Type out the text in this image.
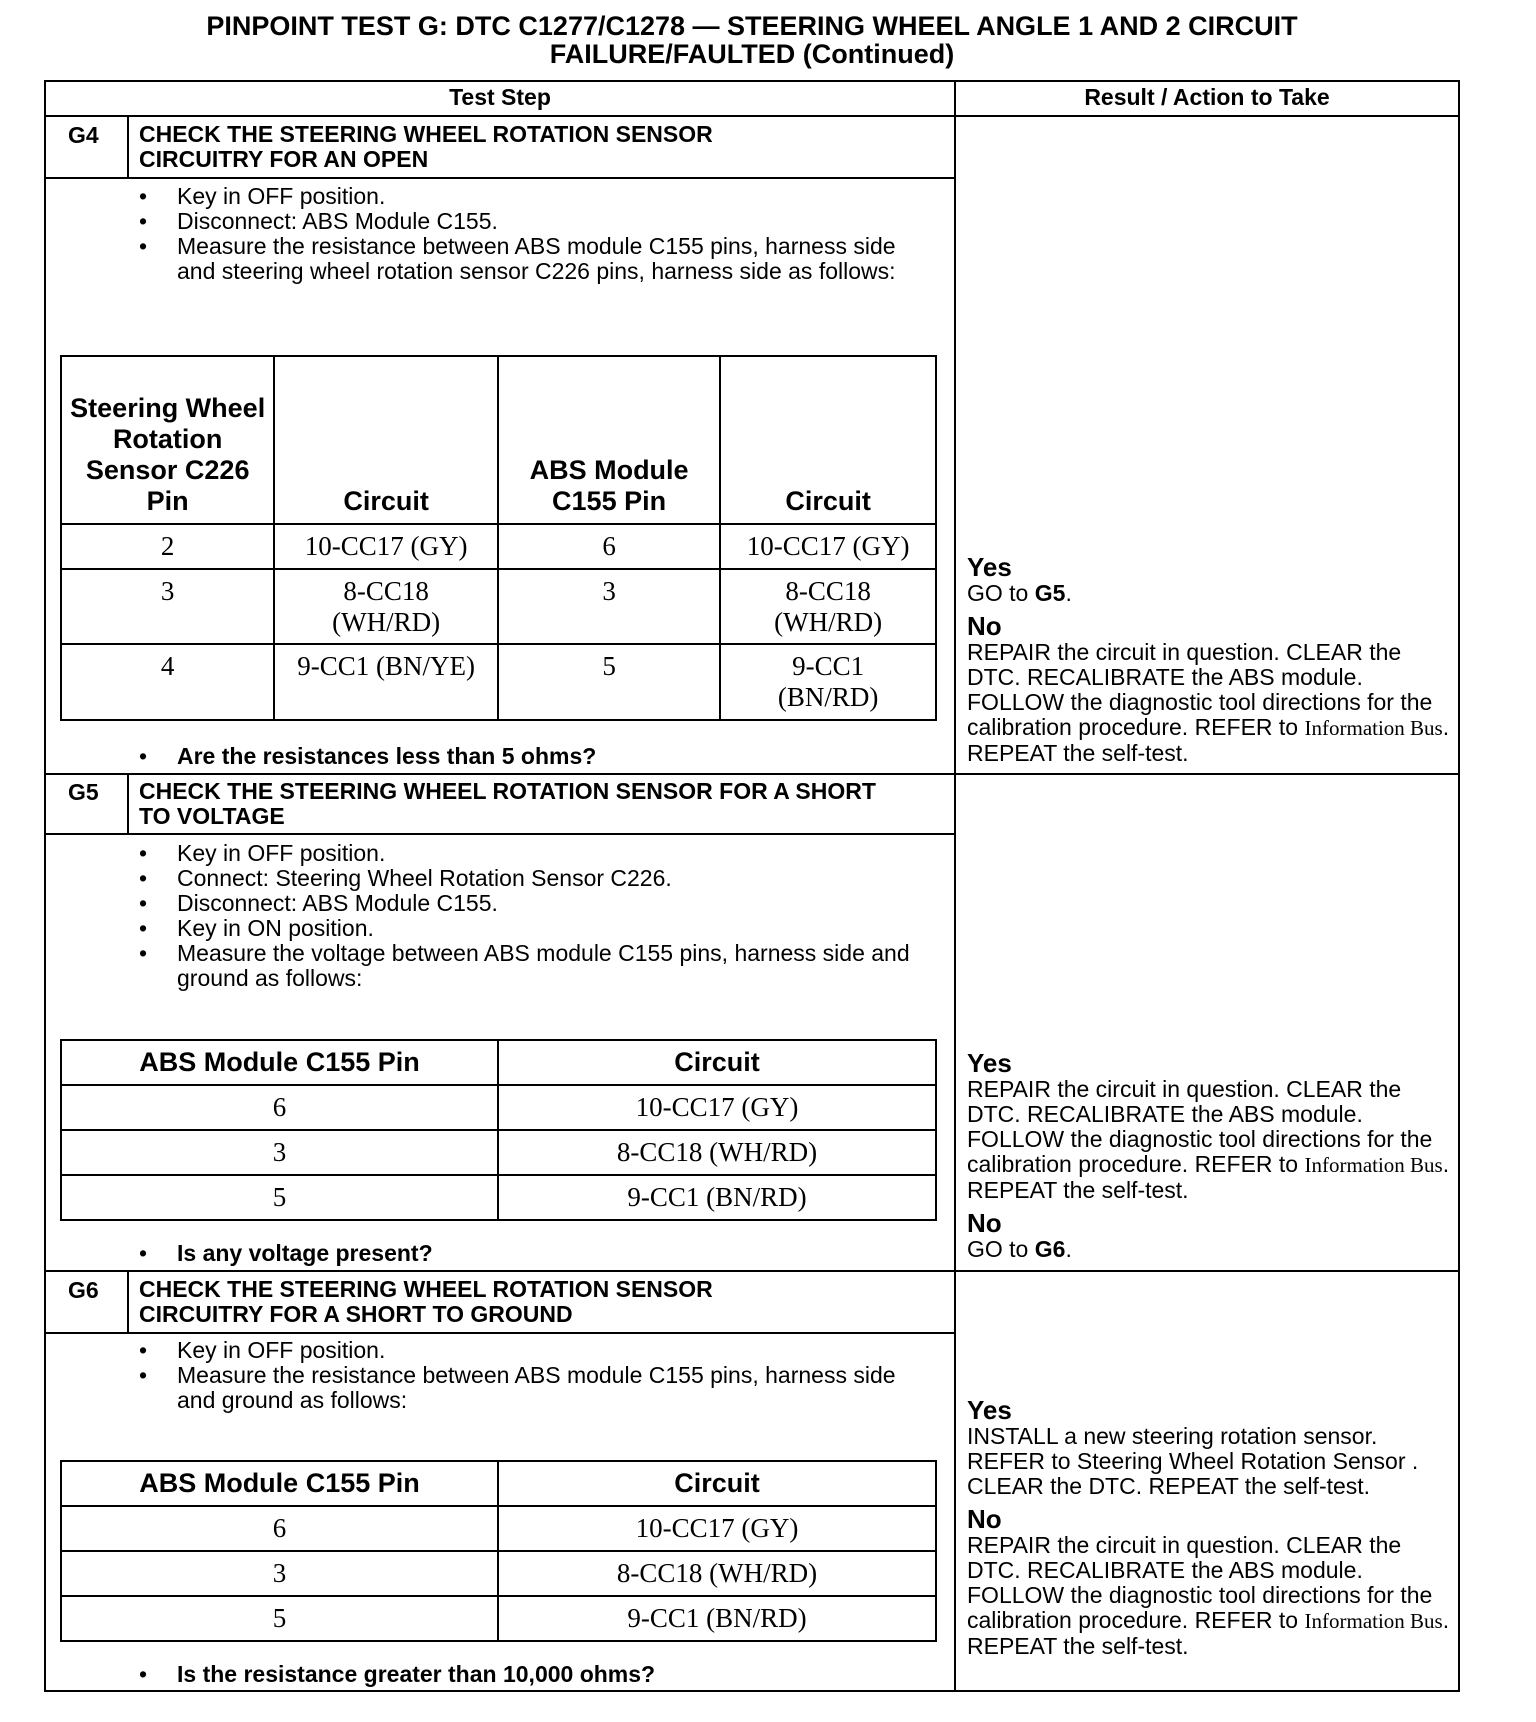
PINPOINT TEST G: DTC C1277/C1278 — STEERING WHEEL ANGLE 1 AND 2 CIRCUIT
FAILURE/FAULTED (Continued)
Test Step	Result / Action to Take
G4 CHECK THE STEERING WHEEL ROTATION SENSOR CIRCUITRY FOR AN OPEN
• Key in OFF position.
• Disconnect: ABS Module C155.
• Measure the resistance between ABS module C155 pins, harness side and steering wheel rotation sensor C226 pins, harness side as follows:
Steering Wheel Rotation Sensor C226 Pin	Circuit	ABS Module C155 Pin	Circuit
2	10-CC17 (GY)	6	10-CC17 (GY)
3	8-CC18 (WH/RD)	3	8-CC18 (WH/RD)
4	9-CC1 (BN/YE)	5	9-CC1 (BN/RD)
• Are the resistances less than 5 ohms?
Yes
GO to G5.
No
REPAIR the circuit in question. CLEAR the DTC. RECALIBRATE the ABS module. FOLLOW the diagnostic tool directions for the calibration procedure. REFER to Information Bus. REPEAT the self-test.
G5 CHECK THE STEERING WHEEL ROTATION SENSOR FOR A SHORT TO VOLTAGE
• Key in OFF position.
• Connect: Steering Wheel Rotation Sensor C226.
• Disconnect: ABS Module C155.
• Key in ON position.
• Measure the voltage between ABS module C155 pins, harness side and ground as follows:
ABS Module C155 Pin	Circuit
6	10-CC17 (GY)
3	8-CC18 (WH/RD)
5	9-CC1 (BN/RD)
• Is any voltage present?
Yes
REPAIR the circuit in question. CLEAR the DTC. RECALIBRATE the ABS module. FOLLOW the diagnostic tool directions for the calibration procedure. REFER to Information Bus. REPEAT the self-test.
No
GO to G6.
G6 CHECK THE STEERING WHEEL ROTATION SENSOR CIRCUITRY FOR A SHORT TO GROUND
• Key in OFF position.
• Measure the resistance between ABS module C155 pins, harness side and ground as follows:
ABS Module C155 Pin	Circuit
6	10-CC17 (GY)
3	8-CC18 (WH/RD)
5	9-CC1 (BN/RD)
• Is the resistance greater than 10,000 ohms?
Yes
INSTALL a new steering rotation sensor. REFER to Steering Wheel Rotation Sensor . CLEAR the DTC. REPEAT the self-test.
No
REPAIR the circuit in question. CLEAR the DTC. RECALIBRATE the ABS module. FOLLOW the diagnostic tool directions for the calibration procedure. REFER to Information Bus. REPEAT the self-test.
